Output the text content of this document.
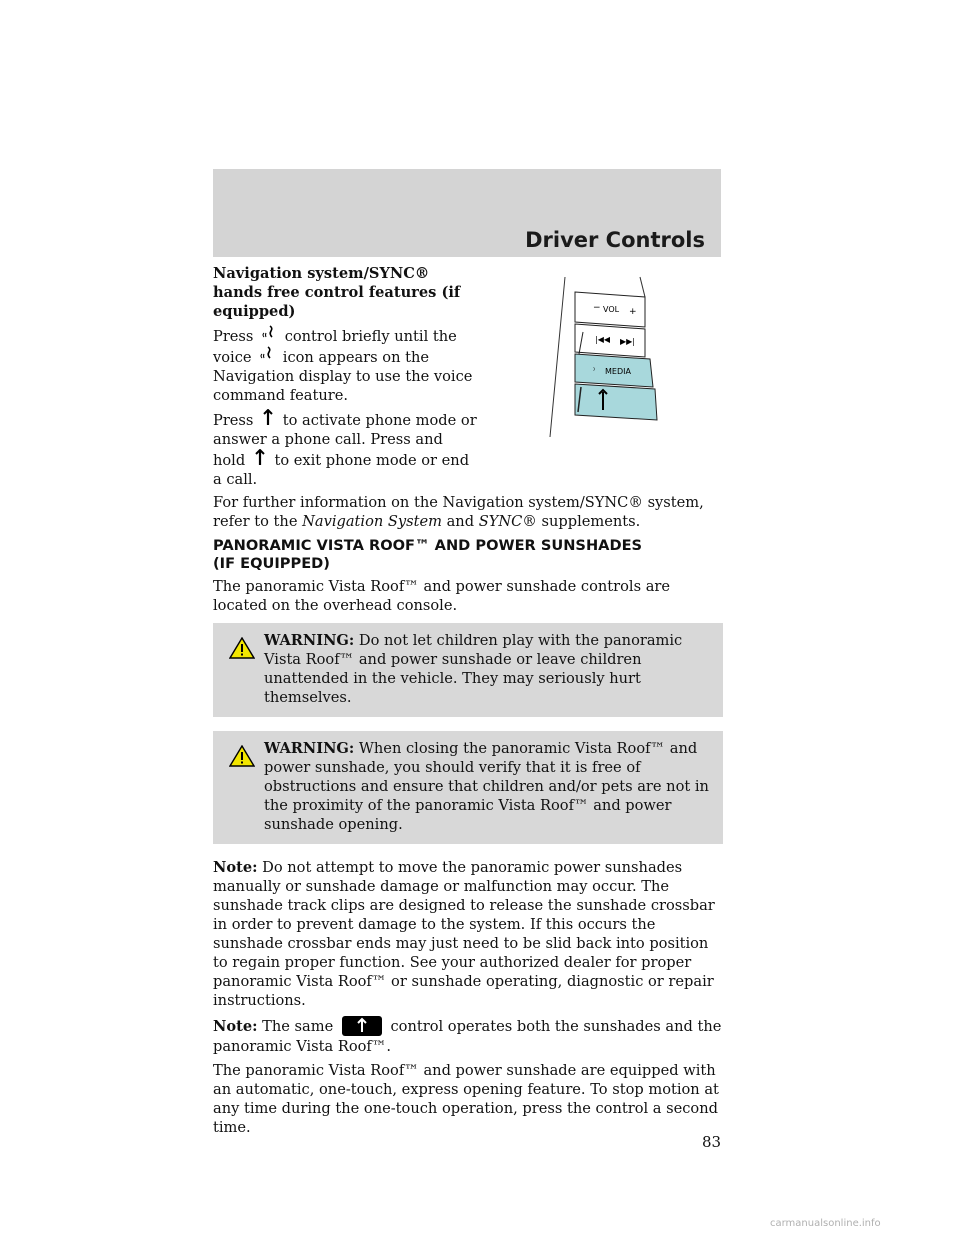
Driver Controls
− VOL +
|◀◀ ▶▶|
MEDIA
⁾

Navigation system/SYNC® hands free control features (if equipped)

Press control briefly until the voice icon appears on the Navigation display to use the voice command feature.

Press to activate phone mode or answer a phone call. Press and hold to exit phone mode or end a call.

For further information on the Navigation system/SYNC® system, refer to the Navigation System and SYNC® supplements.

PANORAMIC VISTA ROOF™ AND POWER SUNSHADES
(IF EQUIPPED)

The panoramic Vista Roof™ and power sunshade controls are located on the overhead console.

WARNING: Do not let children play with the panoramic Vista Roof™ and power sunshade or leave children unattended in the vehicle. They may seriously hurt themselves.
WARNING: When closing the panoramic Vista Roof™ and power sunshade, you should verify that it is free of obstructions and ensure that children and/or pets are not in the proximity of the panoramic Vista Roof™ and power sunshade opening.

Note: Do not attempt to move the panoramic power sunshades manually or sunshade damage or malfunction may occur. The sunshade track clips are designed to release the sunshade crossbar in order to prevent damage to the system. If this occurs the sunshade crossbar ends may just need to be slid back into position to regain proper function. See your authorized dealer for proper panoramic Vista Roof™ or sunshade operating, diagnostic or repair instructions.

Note: The same	control operates both the sunshades and the panoramic Vista Roof™.

The panoramic Vista Roof™ and power sunshade are equipped with an automatic, one-touch, express opening feature. To stop motion at any time during the one-touch operation, press the control a second time.

83
carmanualsonline.info
